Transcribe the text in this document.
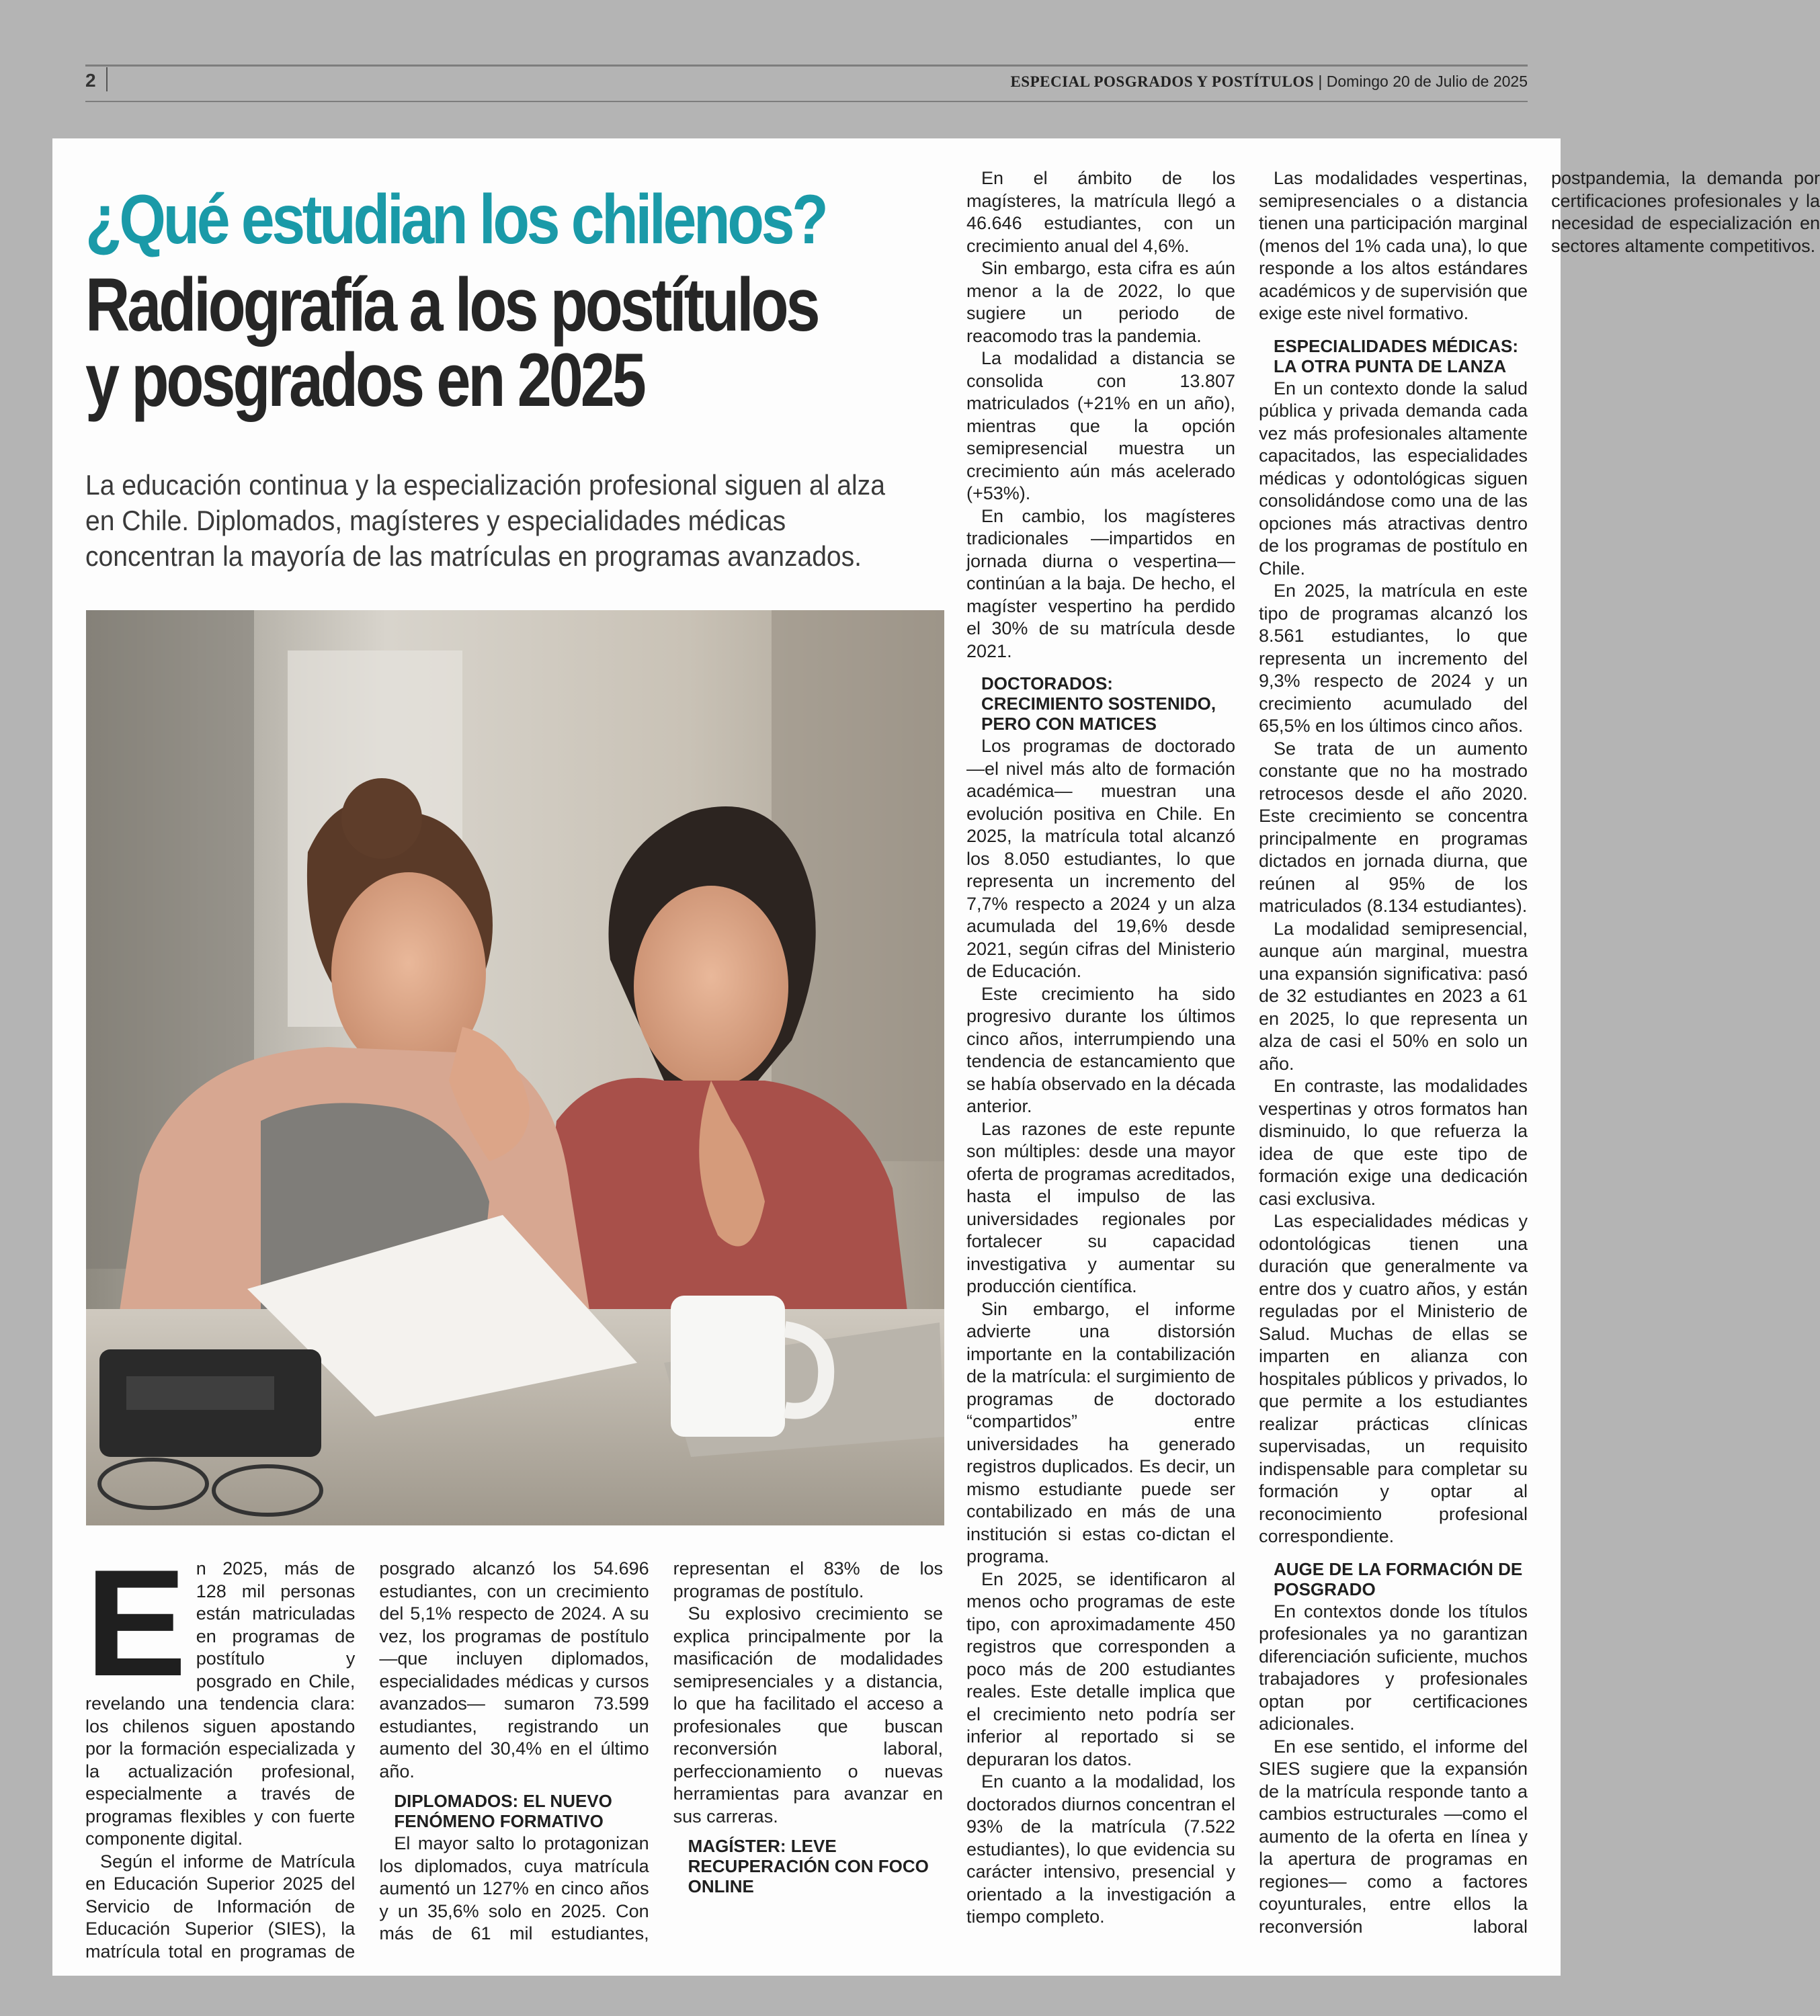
2	ESPECIAL POSGRADOS Y POSTÍTULOS | Domingo 20 de Julio de 2025
¿Qué estudian los chilenos?
Radiografía a los postítulos
y posgrados en 2025

La educación continua y la especialización profesional siguen al alza en Chile. Diplomados, magísteres y especialidades médicas concentran la mayoría de las matrículas en programas avanzados.

En 2025, más de 128 mil personas están matriculadas en programas de postítulo y posgrado en Chile, revelando una tendencia clara: los chilenos siguen apostando por la formación especializada y la actualización profesional, especialmente a través de programas flexibles y con fuerte componente digital.

Según el informe de Matrícula en Educación Superior 2025 del Servicio de Información de Educación Superior (SIES), la matrícula total en programas de posgrado alcanzó los 54.696 estudiantes, con un crecimiento del 5,1% respecto de 2024. A su vez, los programas de postítulo —que incluyen diplomados, especialidades médicas y cursos avanzados— sumaron 73.599 estudiantes, registrando un aumento del 30,4% en el último año.

DIPLOMADOS: EL NUEVO FENÓMENO FORMATIVO

El mayor salto lo protagonizan los diplomados, cuya matrícula aumentó un 127% en cinco años y un 35,6% solo en 2025. Con más de 61 mil estudiantes, representan el 83% de los programas de postítulo.

Su explosivo crecimiento se explica principalmente por la masificación de modalidades semipresenciales y a distancia, lo que ha facilitado el acceso a profesionales que buscan reconversión laboral, perfeccionamiento o nuevas herramientas para avanzar en sus carreras.

MAGÍSTER: LEVE RECUPERACIÓN CON FOCO ONLINE

En el ámbito de los magísteres, la matrícula llegó a 46.646 estudiantes, con un crecimiento anual del 4,6%.

Sin embargo, esta cifra es aún menor a la de 2022, lo que sugiere un periodo de reacomodo tras la pandemia.

La modalidad a distancia se consolida con 13.807 matriculados (+21% en un año), mientras que la opción semipresencial muestra un crecimiento aún más acelerado (+53%).

En cambio, los magísteres tradicionales —impartidos en jornada diurna o vespertina— continúan a la baja. De hecho, el magíster vespertino ha perdido el 30% de su matrícula desde 2021.

DOCTORADOS: CRECIMIENTO SOSTENIDO, PERO CON MATICES

Los programas de doctorado —el nivel más alto de formación académica— muestran una evolución positiva en Chile. En 2025, la matrícula total alcanzó los 8.050 estudiantes, lo que representa un incremento del 7,7% respecto a 2024 y un alza acumulada del 19,6% desde 2021, según cifras del Ministerio de Educación.

Este crecimiento ha sido progresivo durante los últimos cinco años, interrumpiendo una tendencia de estancamiento que se había observado en la década anterior.

Las razones de este repunte son múltiples: desde una mayor oferta de programas acreditados, hasta el impulso de las universidades regionales por fortalecer su capacidad investigativa y aumentar su producción científica.

Sin embargo, el informe advierte una distorsión importante en la contabilización de la matrícula: el surgimiento de programas de doctorado “compartidos” entre universidades ha generado registros duplicados. Es decir, un mismo estudiante puede ser contabilizado en más de una institución si estas co-dictan el programa.

En 2025, se identificaron al menos ocho programas de este tipo, con aproximadamente 450 registros que corresponden a poco más de 200 estudiantes reales. Este detalle implica que el crecimiento neto podría ser inferior al reportado si se depuraran los datos.

En cuanto a la modalidad, los doctorados diurnos concentran el 93% de la matrícula (7.522 estudiantes), lo que evidencia su carácter intensivo, presencial y orientado a la investigación a tiempo completo.

Las modalidades vespertinas, semipresenciales o a distancia tienen una participación marginal (menos del 1% cada una), lo que responde a los altos estándares académicos y de supervisión que exige este nivel formativo.

ESPECIALIDADES MÉDICAS: LA OTRA PUNTA DE LANZA

En un contexto donde la salud pública y privada demanda cada vez más profesionales altamente capacitados, las especialidades médicas y odontológicas siguen consolidándose como una de las opciones más atractivas dentro de los programas de postítulo en Chile.

En 2025, la matrícula en este tipo de programas alcanzó los 8.561 estudiantes, lo que representa un incremento del 9,3% respecto de 2024 y un crecimiento acumulado del 65,5% en los últimos cinco años.

Se trata de un aumento constante que no ha mostrado retrocesos desde el año 2020. Este crecimiento se concentra principalmente en programas dictados en jornada diurna, que reúnen al 95% de los matriculados (8.134 estudiantes).

La modalidad semipresencial, aunque aún marginal, muestra una expansión significativa: pasó de 32 estudiantes en 2023 a 61 en 2025, lo que representa un alza de casi el 50% en solo un año.

En contraste, las modalidades vespertinas y otros formatos han disminuido, lo que refuerza la idea de que este tipo de formación exige una dedicación casi exclusiva.

Las especialidades médicas y odontológicas tienen una duración que generalmente va entre dos y cuatro años, y están reguladas por el Ministerio de Salud. Muchas de ellas se imparten en alianza con hospitales públicos y privados, lo que permite a los estudiantes realizar prácticas clínicas supervisadas, un requisito indispensable para completar su formación y optar al reconocimiento profesional correspondiente.

AUGE DE LA FORMACIÓN DE POSGRADO

En contextos donde los títulos profesionales ya no garantizan diferenciación suficiente, muchos trabajadores y profesionales optan por certificaciones adicionales.

En ese sentido, el informe del SIES sugiere que la expansión de la matrícula responde tanto a cambios estructurales —como el aumento de la oferta en línea y la apertura de programas en regiones— como a factores coyunturales, entre ellos la reconversión laboral postpandemia, la demanda por certificaciones profesionales y la necesidad de especialización en sectores altamente competitivos.
